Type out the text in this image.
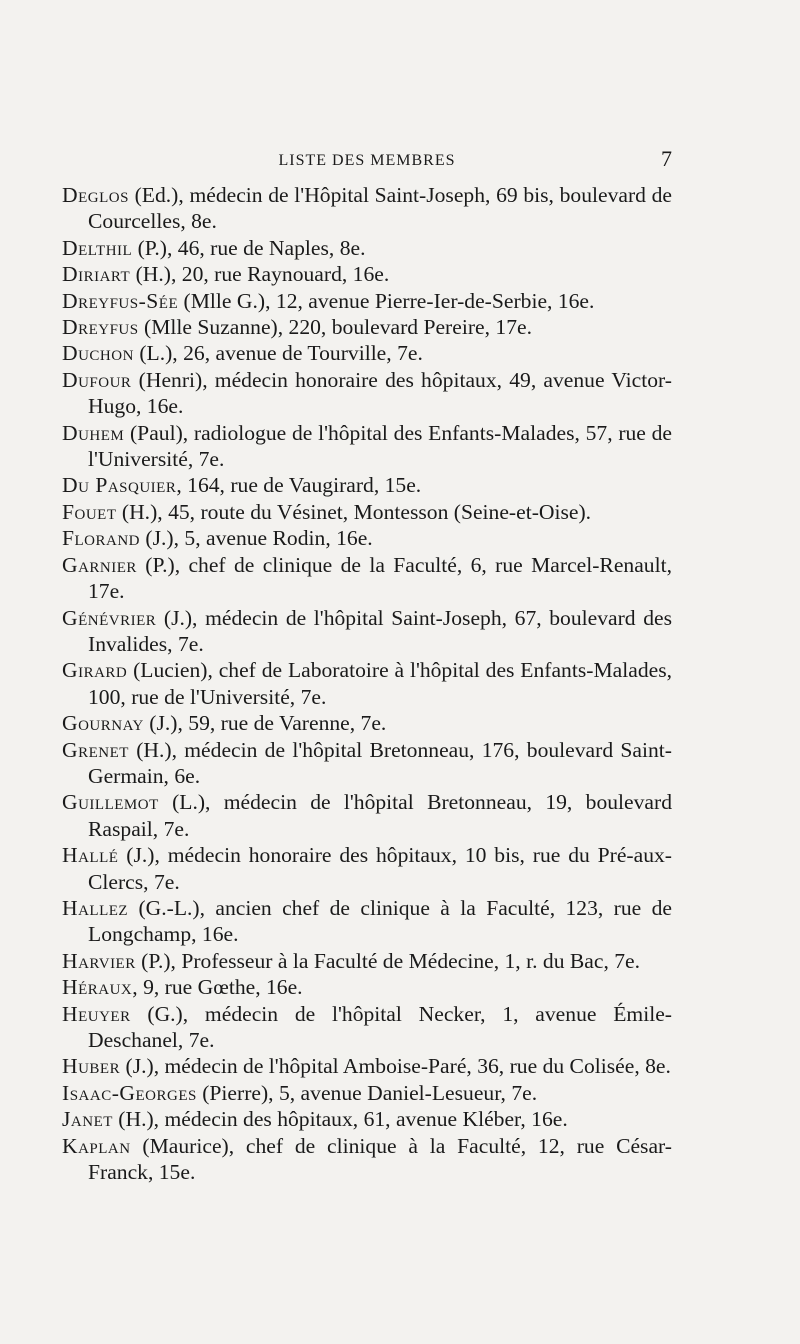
LISTE DES MEMBRES	7
Deglos (Ed.), médecin de l'Hôpital Saint-Joseph, 69 bis, boulevard de Courcelles, 8e.
Delthil (P.), 46, rue de Naples, 8e.
Diriart (H.), 20, rue Raynouard, 16e.
Dreyfus-Sée (Mlle G.), 12, avenue Pierre-Ier-de-Serbie, 16e.
Dreyfus (Mlle Suzanne), 220, boulevard Pereire, 17e.
Duchon (L.), 26, avenue de Tourville, 7e.
Dufour (Henri), médecin honoraire des hôpitaux, 49, avenue Victor-Hugo, 16e.
Duhem (Paul), radiologue de l'hôpital des Enfants-Malades, 57, rue de l'Université, 7e.
Du Pasquier, 164, rue de Vaugirard, 15e.
Fouet (H.), 45, route du Vésinet, Montesson (Seine-et-Oise).
Florand (J.), 5, avenue Rodin, 16e.
Garnier (P.), chef de clinique de la Faculté, 6, rue Marcel-Renault, 17e.
Génévrier (J.), médecin de l'hôpital Saint-Joseph, 67, boulevard des Invalides, 7e.
Girard (Lucien), chef de Laboratoire à l'hôpital des Enfants-Malades, 100, rue de l'Université, 7e.
Gournay (J.), 59, rue de Varenne, 7e.
Grenet (H.), médecin de l'hôpital Bretonneau, 176, boulevard Saint-Germain, 6e.
Guillemot (L.), médecin de l'hôpital Bretonneau, 19, boulevard Raspail, 7e.
Hallé (J.), médecin honoraire des hôpitaux, 10 bis, rue du Pré-aux-Clercs, 7e.
Hallez (G.-L.), ancien chef de clinique à la Faculté, 123, rue de Longchamp, 16e.
Harvier (P.), Professeur à la Faculté de Médecine, 1, r. du Bac, 7e.
Héraux, 9, rue Gœthe, 16e.
Heuyer (G.), médecin de l'hôpital Necker, 1, avenue Émile-Deschanel, 7e.
Huber (J.), médecin de l'hôpital Amboise-Paré, 36, rue du Colisée, 8e.
Isaac-Georges (Pierre), 5, avenue Daniel-Lesueur, 7e.
Janet (H.), médecin des hôpitaux, 61, avenue Kléber, 16e.
Kaplan (Maurice), chef de clinique à la Faculté, 12, rue César-Franck, 15e.
